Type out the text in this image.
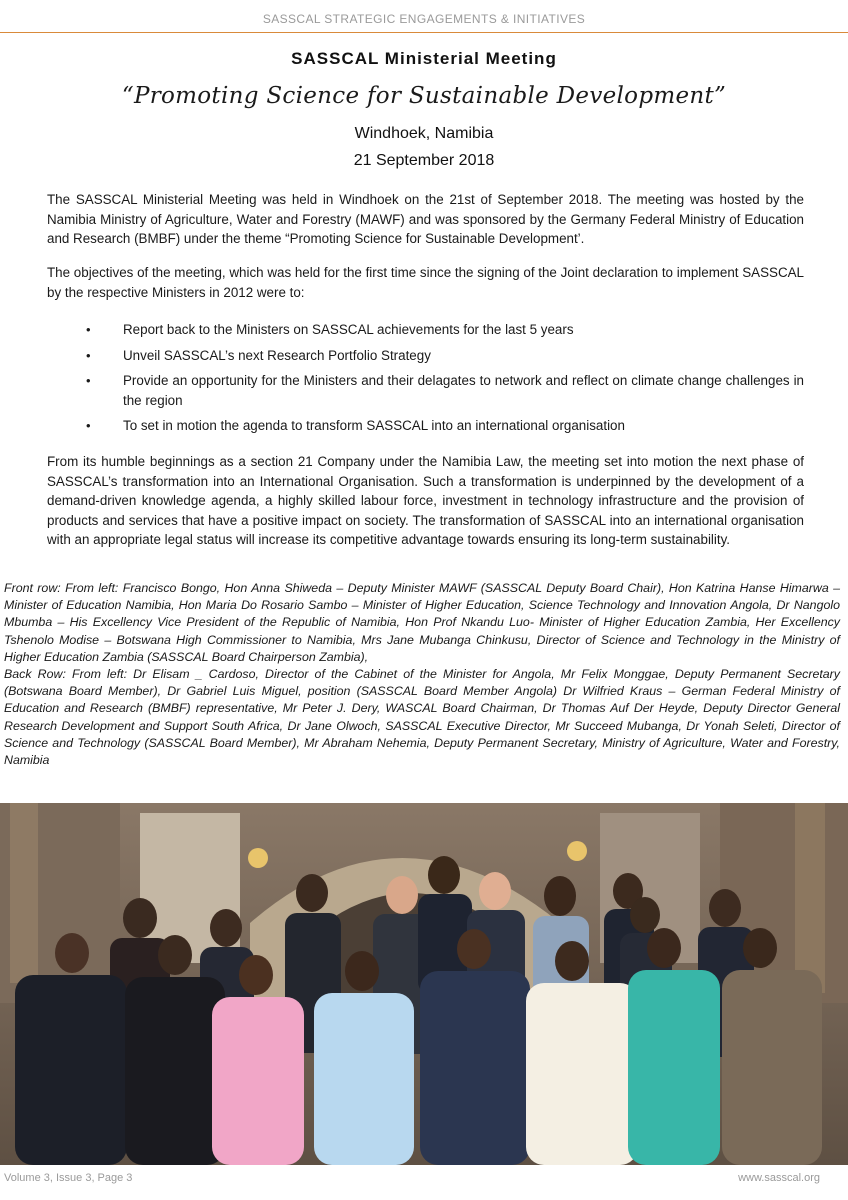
SASSCAL STRATEGIC ENGAGEMENTS & INITIATIVES
SASSCAL Ministerial Meeting
“Promoting Science for Sustainable Development”
Windhoek, Namibia
21 September 2018

The SASSCAL Ministerial Meeting was held in Windhoek on the 21st of September 2018. The meeting was hosted by the Namibia Ministry of Agriculture, Water and Forestry (MAWF) and was sponsored by the Germany Federal Ministry of Education and Research (BMBF) under the theme “Promoting Science for Sustainable Development’.

The objectives of the meeting, which was held for the first time since the signing of the Joint declaration to implement SASSCAL by the respective Ministers in 2012 were to:

• Report back to the Ministers on SASSCAL achievements for the last 5 years
• Unveil SASSCAL’s next Research Portfolio Strategy
• Provide an opportunity for the Ministers and their delagates to network and reflect on climate change challenges in the region
• To set in motion the agenda to transform SASSCAL into an international organisation

From its humble beginnings as a section 21 Company under the Namibia Law, the meeting set into motion the next phase of SASSCAL’s transformation into an International Organisation. Such a transformation is underpinned by the development of a demand-driven knowledge agenda, a highly skilled labour force, investment in technology infrastructure and the provision of products and services that have a positive impact on society. The transformation of SASSCAL into an international organisation with an appropriate legal status will increase its competitive advantage towards ensuring its long-term sustainability.

Front row: From left: Francisco Bongo, Hon Anna Shiweda – Deputy Minister MAWF (SASSCAL Deputy Board Chair), Hon Katrina Hanse Himarwa – Minister of Education Namibia, Hon Maria Do Rosario Sambo – Minister of Higher Education, Science Technology and Innovation Angola, Dr Nangolo Mbumba – His Excellency Vice President of the Republic of Namibia, Hon Prof Nkandu Luo- Minister of Higher Education Zambia, Her Excellency Tshenolo Modise – Botswana High Commissioner to Namibia, Mrs Jane Mubanga Chinkusu, Director of Science and Technology in the Ministry of Higher Education Zambia (SASSCAL Board Chairperson Zambia),
Back Row: From left: Dr Elisam _ Cardoso, Director of the Cabinet of the Minister for Angola, Mr Felix Monggae, Deputy Permanent Secretary (Botswana Board Member), Dr Gabriel Luis Miguel, position (SASSCAL Board Member Angola) Dr Wilfried Kraus – German Federal Ministry of Education and Research (BMBF) representative, Mr Peter J. Dery, WASCAL Board Chairman, Dr Thomas Auf Der Heyde, Deputy Director General Research Development and Support South Africa, Dr Jane Olwoch, SASSCAL Executive Director, Mr Succeed Mubanga, Dr Yonah Seleti, Director of Science and Technology (SASSCAL Board Member), Mr Abraham Nehemia, Deputy Permanent Secretary, Ministry of Agriculture, Water and Forestry, Namibia
Volume 3, Issue 3, Page 3	www.sasscal.org
